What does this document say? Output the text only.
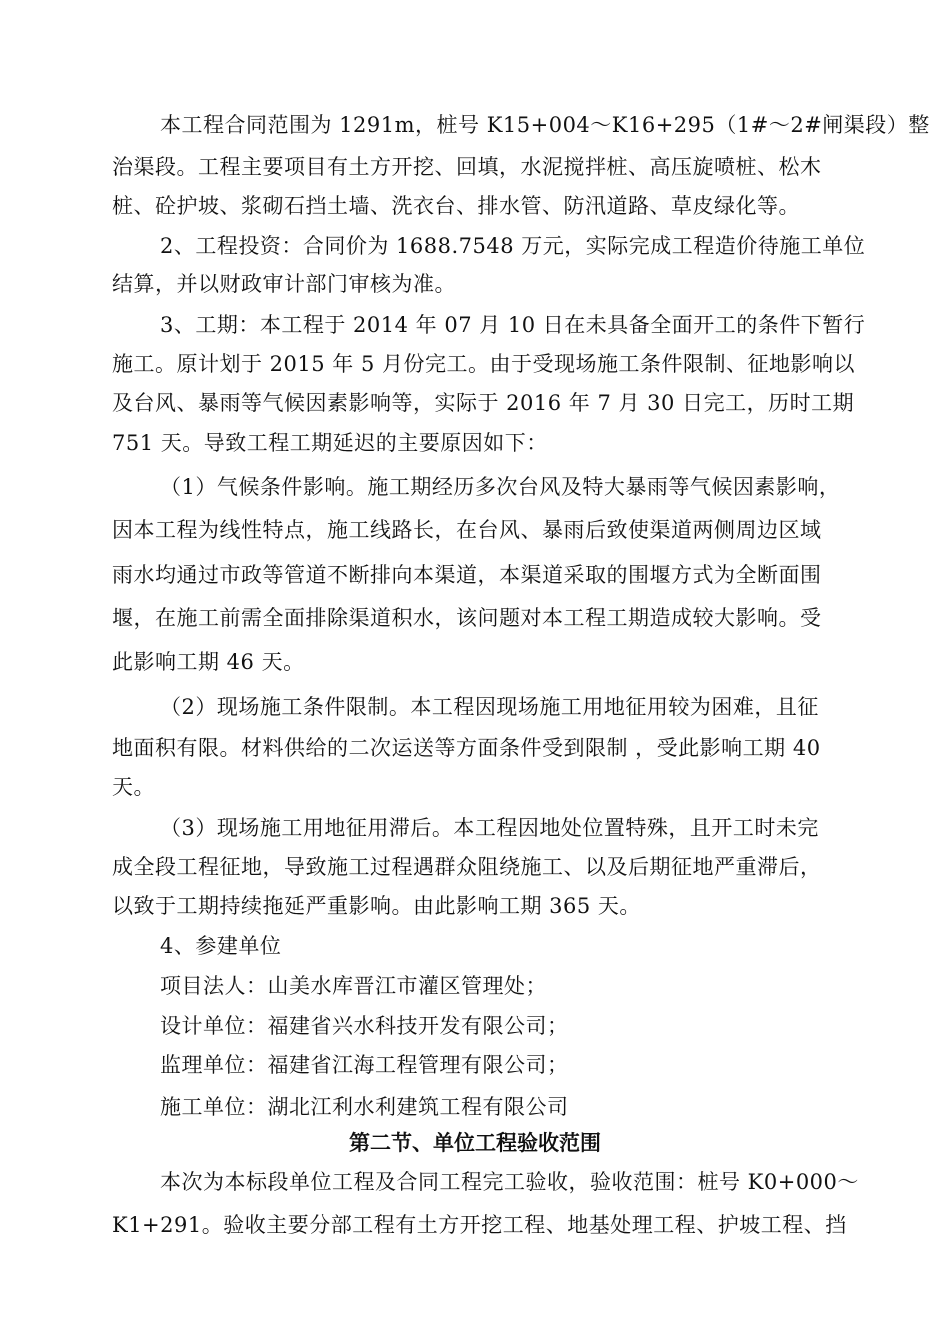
本工程合同范围为 1291m，桩号 K15+004～K16+295（1#～2#闸渠段）整
治渠段。工程主要项目有土方开挖、回填，水泥搅拌桩、高压旋喷桩、松木
桩、砼护坡、浆砌石挡土墙、洗衣台、排水管、防汛道路、草皮绿化等。
2、工程投资：合同价为 1688.7548 万元，实际完成工程造价待施工单位
结算，并以财政审计部门审核为准。
3、工期：本工程于 2014 年 07 月 10 日在未具备全面开工的条件下暂行
施工。原计划于 2015 年 5 月份完工。由于受现场施工条件限制、征地影响以
及台风、暴雨等气候因素影响等，实际于 2016 年 7 月 30 日完工，历时工期
751 天。导致工程工期延迟的主要原因如下：
（1）气候条件影响。施工期经历多次台风及特大暴雨等气候因素影响，
因本工程为线性特点，施工线路长，在台风、暴雨后致使渠道两侧周边区域
雨水均通过市政等管道不断排向本渠道，本渠道采取的围堰方式为全断面围
堰，在施工前需全面排除渠道积水，该问题对本工程工期造成较大影响。受
此影响工期 46 天。
（2）现场施工条件限制。本工程因现场施工用地征用较为困难，且征
地面积有限。材料供给的二次运送等方面条件受到限制 ，受此影响工期 40
天。
（3）现场施工用地征用滞后。本工程因地处位置特殊，且开工时未完
成全段工程征地，导致施工过程遇群众阻绕施工、以及后期征地严重滞后，
以致于工期持续拖延严重影响。由此影响工期 365 天。
4、参建单位
项目法人：山美水库晋江市灌区管理处；
设计单位：福建省兴水科技开发有限公司；
监理单位：福建省江海工程管理有限公司；
施工单位：湖北江利水利建筑工程有限公司
第二节、单位工程验收范围
本次为本标段单位工程及合同工程完工验收，验收范围：桩号 K0+000～
K1+291。验收主要分部工程有土方开挖工程、地基处理工程、护坡工程、挡
